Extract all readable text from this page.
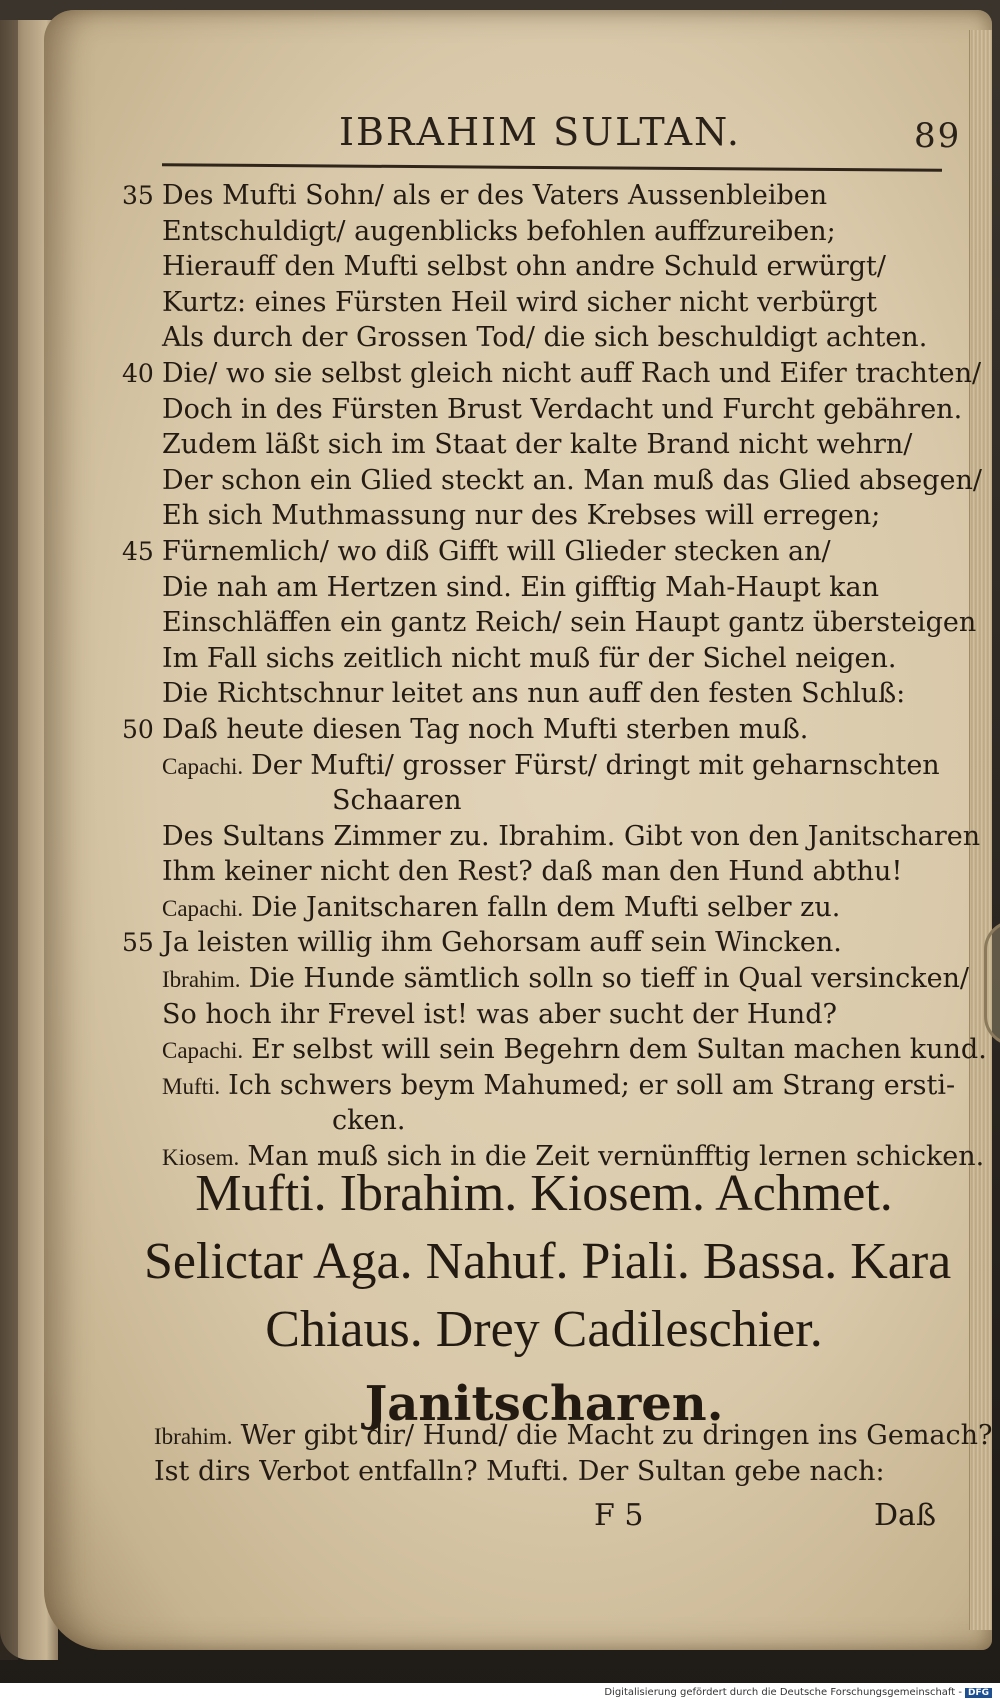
IBRAHIM SULTAN.	89
35 Des Mufti Sohn/ als er des Vaters Aussenbleiben
Entschuldigt/ augenblicks befohlen auffzureiben;
Hierauff den Mufti selbst ohn andre Schuld erwürgt/
Kurtz: eines Fürsten Heil wird sicher nicht verbürgt
Als durch der Grossen Tod/ die sich beschuldigt achten.
40 Die/ wo sie selbst gleich nicht auff Rach und Eifer trachten/
Doch in des Fürsten Brust Verdacht und Furcht gebähren.
Zudem läßt sich im Staat der kalte Brand nicht wehrn/
Der schon ein Glied steckt an. Man muß das Glied absegen/
Eh sich Muthmassung nur des Krebses will erregen;
45 Fürnemlich/ wo diß Gifft will Glieder stecken an/
Die nah am Hertzen sind. Ein gifftig Mah-Haupt kan
Einschläffen ein gantz Reich/ sein Haupt gantz übersteigen
Im Fall sichs zeitlich nicht muß für der Sichel neigen.
Die Richtschnur leitet ans nun auff den festen Schluß:
50 Daß heute diesen Tag noch Mufti sterben muß.
Capachi. Der Mufti/ grosser Fürst/ dringt mit geharnschten
Schaaren
Des Sultans Zimmer zu. Ibrahim. Gibt von den Janitscharen
Ihm keiner nicht den Rest? daß man den Hund abthu!
Capachi. Die Janitscharen falln dem Mufti selber zu.
55 Ja leisten willig ihm Gehorsam auff sein Wincken.
Ibrahim. Die Hunde sämtlich solln so tieff in Qual versincken/
So hoch ihr Frevel ist! was aber sucht der Hund?
Capachi. Er selbst will sein Begehrn dem Sultan machen kund.
Mufti. Ich schwers beym Mahumed; er soll am Strang ersti-
cken.
Kiosem. Man muß sich in die Zeit vernünfftig lernen schicken.
Mufti. Ibrahim. Kiosem. Achmet.
Selictar Aga. Nahuf. Piali. Bassa. Kara
Chiaus. Drey Cadileschier.
Janitscharen.
Ibrahim. Wer gibt dir/ Hund/ die Macht zu dringen ins Gemach?
Ist dirs Verbot entfalln? Mufti. Der Sultan gebe nach:
F 5	Daß
Digitalisierung gefördert durch die Deutsche Forschungsgemeinschaft - DFG
